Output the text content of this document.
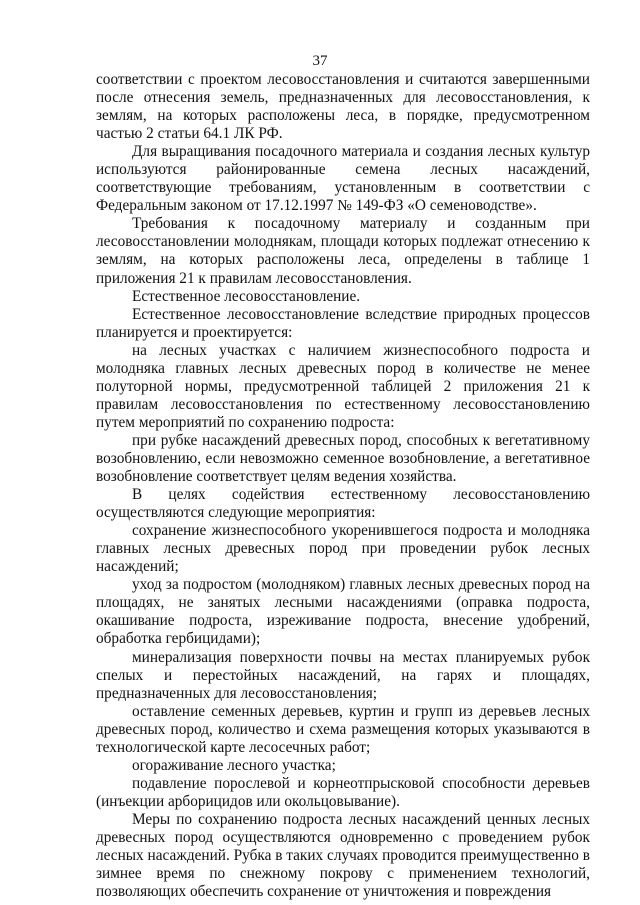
37

соответствии с проектом лесовосстановления и считаются завершенными после отнесения земель, предназначенных для лесовосстановления, к землям, на которых расположены леса, в порядке, предусмотренном частью 2 статьи 64.1 ЛК РФ.

Для выращивания посадочного материала и создания лесных культур используются районированные семена лесных насаждений, соответствующие требованиям, установленным в соответствии с Федеральным законом от 17.12.1997 № 149-ФЗ «О семеноводстве».

Требования к посадочному материалу и созданным при лесовосстановлении молоднякам, площади которых подлежат отнесению к землям, на которых расположены леса, определены в таблице 1 приложения 21 к правилам лесовосстановления.

Естественное лесовосстановление.

Естественное лесовосстановление вследствие природных процессов планируется и проектируется:

на лесных участках с наличием жизнеспособного подроста и молодняка главных лесных древесных пород в количестве не менее полуторной нормы, предусмотренной таблицей 2 приложения 21 к правилам лесовосстановления по естественному лесовосстановлению путем мероприятий по сохранению подроста:

при рубке насаждений древесных пород, способных к вегетативному возобновлению, если невозможно семенное возобновление, а вегетативное возобновление соответствует целям ведения хозяйства.

В целях содействия естественному лесовосстановлению осуществляются следующие мероприятия:

сохранение жизнеспособного укоренившегося подроста и молодняка главных лесных древесных пород при проведении рубок лесных насаждений;

уход за подростом (молодняком) главных лесных древесных пород на площадях, не занятых лесными насаждениями (оправка подроста, окашивание подроста, изреживание подроста, внесение удобрений, обработка гербицидами);

минерализация поверхности почвы на местах планируемых рубок спелых и перестойных насаждений, на гарях и площадях, предназначенных для лесовосстановления;

оставление семенных деревьев, куртин и групп из деревьев лесных древесных пород, количество и схема размещения которых указываются в технологической карте лесосечных работ;

огораживание лесного участка;

подавление порослевой и корнеотпрысковой способности деревьев (инъекции арборицидов или окольцовывание).

Меры по сохранению подроста лесных насаждений ценных лесных древесных пород осуществляются одновременно с проведением рубок лесных насаждений. Рубка в таких случаях проводится преимущественно в зимнее время по снежному покрову с применением технологий, позволяющих обеспечить сохранение от уничтожения и повреждения
